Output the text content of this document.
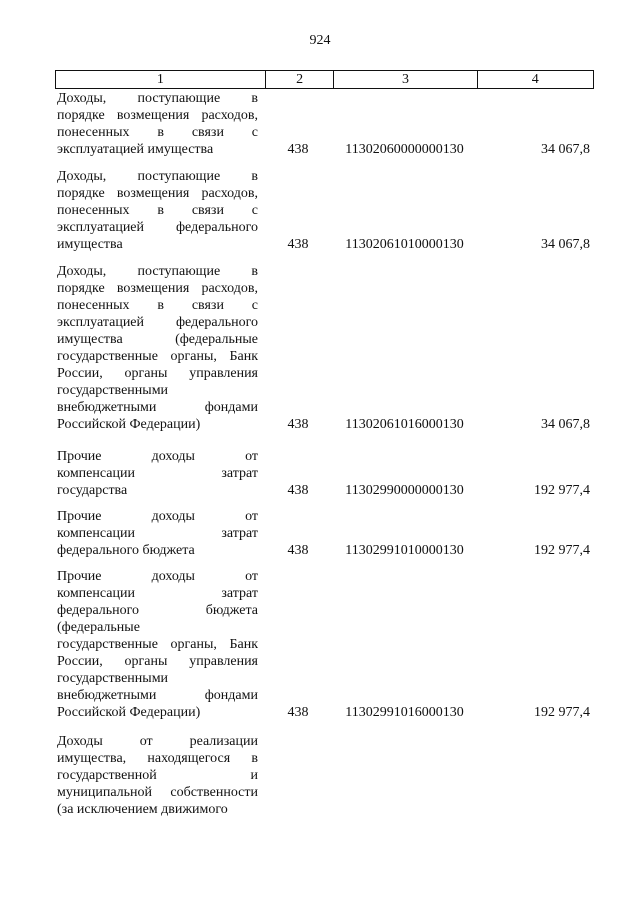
924
1	2	3	4
Доходы, поступающие в
порядке возмещения расходов,
понесенных в связи с
эксплуатацией имущества	438	11302060000000130	34 067,8
Доходы, поступающие в
порядке возмещения расходов,
понесенных в связи с
эксплуатацией федерального
имущества	438	11302061010000130	34 067,8
Доходы, поступающие в
порядке возмещения расходов,
понесенных в связи с
эксплуатацией федерального
имущества (федеральные
государственные органы, Банк
России, органы управления
государственными
внебюджетными фондами
Российской Федерации)	438	11302061016000130	34 067,8
Прочие доходы от
компенсации затрат
государства	438	11302990000000130	192 977,4
Прочие доходы от
компенсации затрат
федерального бюджета	438	11302991010000130	192 977,4
Прочие доходы от
компенсации затрат
федерального бюджета
(федеральные
государственные органы, Банк
России, органы управления
государственными
внебюджетными фондами
Российской Федерации)	438	11302991016000130	192 977,4
Доходы от реализации
имущества, находящегося в
государственной и
муниципальной собственности
(за исключением движимого
